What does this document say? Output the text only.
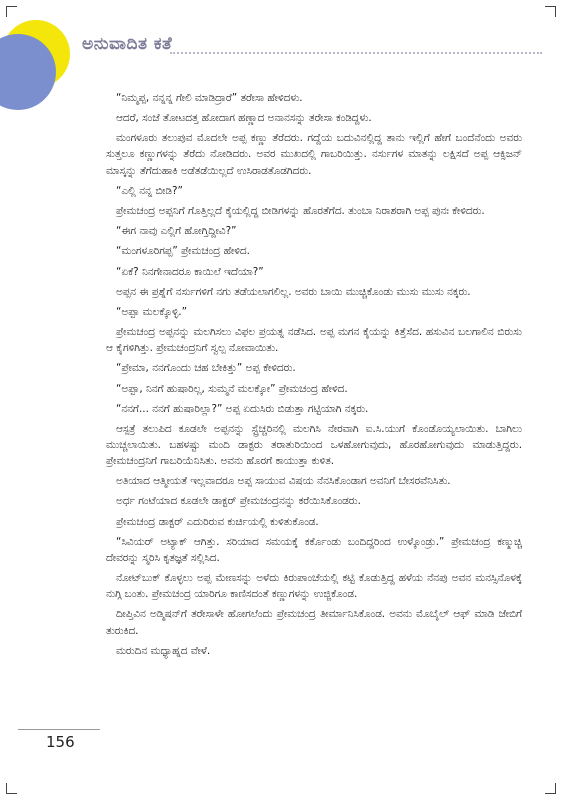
ಅನುವಾದಿತ ಕತೆ

“ನಿಮ್ಮಪ್ಪ, ನನ್ನನ್ನ ಗೇಲಿ ಮಾಡಿದ್ರಾರೆ” ತರೇಸಾ ಹೇಳಿದಳು.

ಆದರೆ, ಸಂಜೆ ತೋಟದತ್ತ ಹೋದಾಗ ಹಣ್ಣಾದ ಅನಾನಸನ್ನು ತರೇಸಾ ಕಂಡಿದ್ದಳು.

ಮಂಗಳೂರು ತಲುಪುವ ಮೊದಲೇ ಅಪ್ಪ ಕಣ್ಣು ತೆರೆದರು. ಗದ್ದೆಯ ಬದುವಿನಲ್ಲಿದ್ದ ತಾನು ಇಲ್ಲಿಗೆ ಹೇಗೆ ಬಂದೆನೆಂದು ಅವರು ಸುತ್ತಲೂ ಕಣ್ಣುಗಳನ್ನು ತೆರೆದು ನೋಡಿದರು. ಅವರ ಮುಖದಲ್ಲಿ ಗಾಬರಿಯಿತ್ತು. ನರ್ಸುಗಳ ಮಾತನ್ನು ಲಕ್ಷಿಸದೆ ಅಪ್ಪ ಆಕ್ಸಿಜನ್ ಮಾಸ್ಕನ್ನು ತೆಗೆದುಹಾಕಿ ಅಡೆತಡೆಯಿಲ್ಲದೆ ಉಸಿರಾಡತೊಡಗಿದರು.

“ಎಲ್ಲಿ ನನ್ನ ಬೀಡಿ?”

ಪ್ರೇಮಚಂದ್ರ ಅಪ್ಪನಿಗೆ ಗೊತ್ತಿಲ್ಲದೆ ಕೈಯಲ್ಲಿದ್ದ ಬೀಡಿಗಳನ್ನು ಹೊರತೆಗೆದ. ತುಂಬಾ ನಿರಾಶರಾಗಿ ಅಪ್ಪ ಪುನಃ ಕೇಳಿದರು.

“ಈಗ ನಾವು ಎಲ್ಲಿಗೆ ಹೋಗ್ತಿದ್ದೀವಿ?”

“ಮಂಗಳೂರಿಗಪ್ಪ” ಪ್ರೇಮಚಂದ್ರ ಹೇಳಿದ.

“ಏಕೆ? ನಿನಗೇನಾದರೂ ಕಾಯಿಲೆ ಇದೆಯಾ?”

ಅಪ್ಪನ ಈ ಪ್ರಶ್ನೆಗೆ ನರ್ಸುಗಳಿಗೆ ನಗು ತಡೆಯಲಾಗಲಿಲ್ಲ. ಅವರು ಬಾಯಿ ಮುಚ್ಚಿಕೊಂಡು ಮುಸು ಮುಸು ನಕ್ಕರು.

“ಅಪ್ಪಾ ಮಲಕ್ಕೊಳ್ಳಿ.”

ಪ್ರೇಮಚಂದ್ರ ಅಪ್ಪನನ್ನು ಮಲಗಿಸಲು ವಿಫಲ ಪ್ರಯತ್ನ ನಡೆಸಿದ. ಅಪ್ಪ ಮಗನ ಕೈಯನ್ನು ಕಿತ್ತೆಸೆದ. ಹಸುವಿನ ಬಲಗಾಲಿನ ಬಿರುಸು ಆ ಕೈಗಳಿಗಿತ್ತು. ಪ್ರೇಮಚಂದ್ರನಿಗೆ ಸ್ವಲ್ಪ ನೋವಾಯಿತು.

“ಪ್ರೇಮಾ, ನನಗೊಂದು ಚಹ ಬೇಕಿತ್ತು” ಅಪ್ಪ ಕೇಳಿದರು.

“ಅಪ್ಪಾ, ನಿನಗೆ ಹುಷಾರಿಲ್ಲ, ಸುಮ್ಮನೆ ಮಲಕ್ಕೋ” ಪ್ರೇಮಚಂದ್ರ ಹೇಳಿದ.

“ನನಗೆ... ನನಗೆ ಹುಷಾರಿಲ್ಲಾ?” ಅಪ್ಪ ಏದುಸಿರು ಬಿಡುತ್ತಾ ಗಟ್ಟಿಯಾಗಿ ನಕ್ಕರು.

ಆಸ್ಪತ್ರೆ ತಲುಪಿದ ಕೂಡಲೇ ಅಪ್ಪನನ್ನು ಸ್ಟ್ರೆಚ್ಚರಿನಲ್ಲಿ ಮಲಗಿಸಿ ನೇರವಾಗಿ ಐ.ಸಿ.ಯುಗೆ ಕೊಂಡೊಯ್ಯಲಾಯಿತು. ಬಾಗಿಲು ಮುಚ್ಚಲಾಯಿತು. ಬಹಳಷ್ಟು ಮಂದಿ ಡಾಕ್ಟರು ತರಾತುರಿಯಿಂದ ಒಳಹೋಗುವುದು, ಹೊರಹೋಗುವುದು ಮಾಡುತ್ತಿದ್ದರು. ಪ್ರೇಮಚಂದ್ರನಿಗೆ ಗಾಬರಿಯೆನಿಸಿತು. ಅವನು ಹೊರಗೆ ಕಾಯುತ್ತಾ ಕುಳಿತ.

ಅತಿಯಾದ ಆತ್ಮೀಯತೆ ಇಲ್ಲವಾದರೂ ಅಪ್ಪ ಸಾಯುವ ವಿಷಯ ನೆನಸಿಕೊಂಡಾಗ ಅವನಿಗೆ ಬೇಸರವೆನಿಸಿತು.

ಅರ್ಧ ಗಂಟೆಯಾದ ಕೂಡಲೇ ಡಾಕ್ಟರ್ ಪ್ರೇಮಚಂದ್ರನನ್ನು ಕರೆಯಿಸಿಕೊಂಡರು.

ಪ್ರೇಮಚಂದ್ರ ಡಾಕ್ಟರ್ ಎದುರಿರುವ ಕುರ್ಚಿಯಲ್ಲಿ ಕುಳಿತುಕೊಂಡ.

“ಸಿವಿಯರ್ ಅಟ್ಯಾಕ್ ಆಗಿತ್ತು. ಸರಿಯಾದ ಸಮಯಕ್ಕೆ ಕರ್ಕೊಂಡು ಬಂದಿದ್ದರಿಂದ ಉಳ್ಕೊಂಡ್ರು.” ಪ್ರೇಮಚಂದ್ರ ಕಣ್ಮುಚ್ಚಿ ದೇವರನ್ನು ಸ್ಮರಿಸಿ ಕೃತಜ್ಞತೆ ಸಲ್ಲಿಸಿದ.

ನೋಟ್‌ಬುಕ್ ಕೊಳ್ಳಲು ಅಪ್ಪ ಮೇಣಸನ್ನು ಅಳೆದು ಕಿರುಪಾಂಚೆಯಲ್ಲಿ ಕಟ್ಟಿ ಕೊಡುತ್ತಿದ್ದ ಹಳೆಯ ನೆನಪು ಅವನ ಮನಸ್ಸಿನೊಳಕ್ಕೆ ನುಗ್ಗಿ ಬಂತು. ಪ್ರೇಮಚಂದ್ರ ಯಾರಿಗೂ ಕಾಣಿಸದಂತೆ ಕಣ್ಣುಗಳನ್ನು ಉಜ್ಜಿಕೊಂಡ.

ದೀಪ್ತಿವಿನ ಅಡ್ಮಿಷನ್‌ಗೆ ತರೇಸಾಳೇ ಹೋಗಲೆಂದು ಪ್ರೇಮಚಂದ್ರ ತೀರ್ಮಾನಿಸಿಕೊಂಡ. ಅವನು ಮೊಬೈಲ್ ಆಫ್ ಮಾಡಿ ಜೇಬಿಗೆ ತುರುಕಿದ.

ಮರುದಿನ ಮಧ್ಯಾಹ್ನದ ವೇಳೆ.

156
